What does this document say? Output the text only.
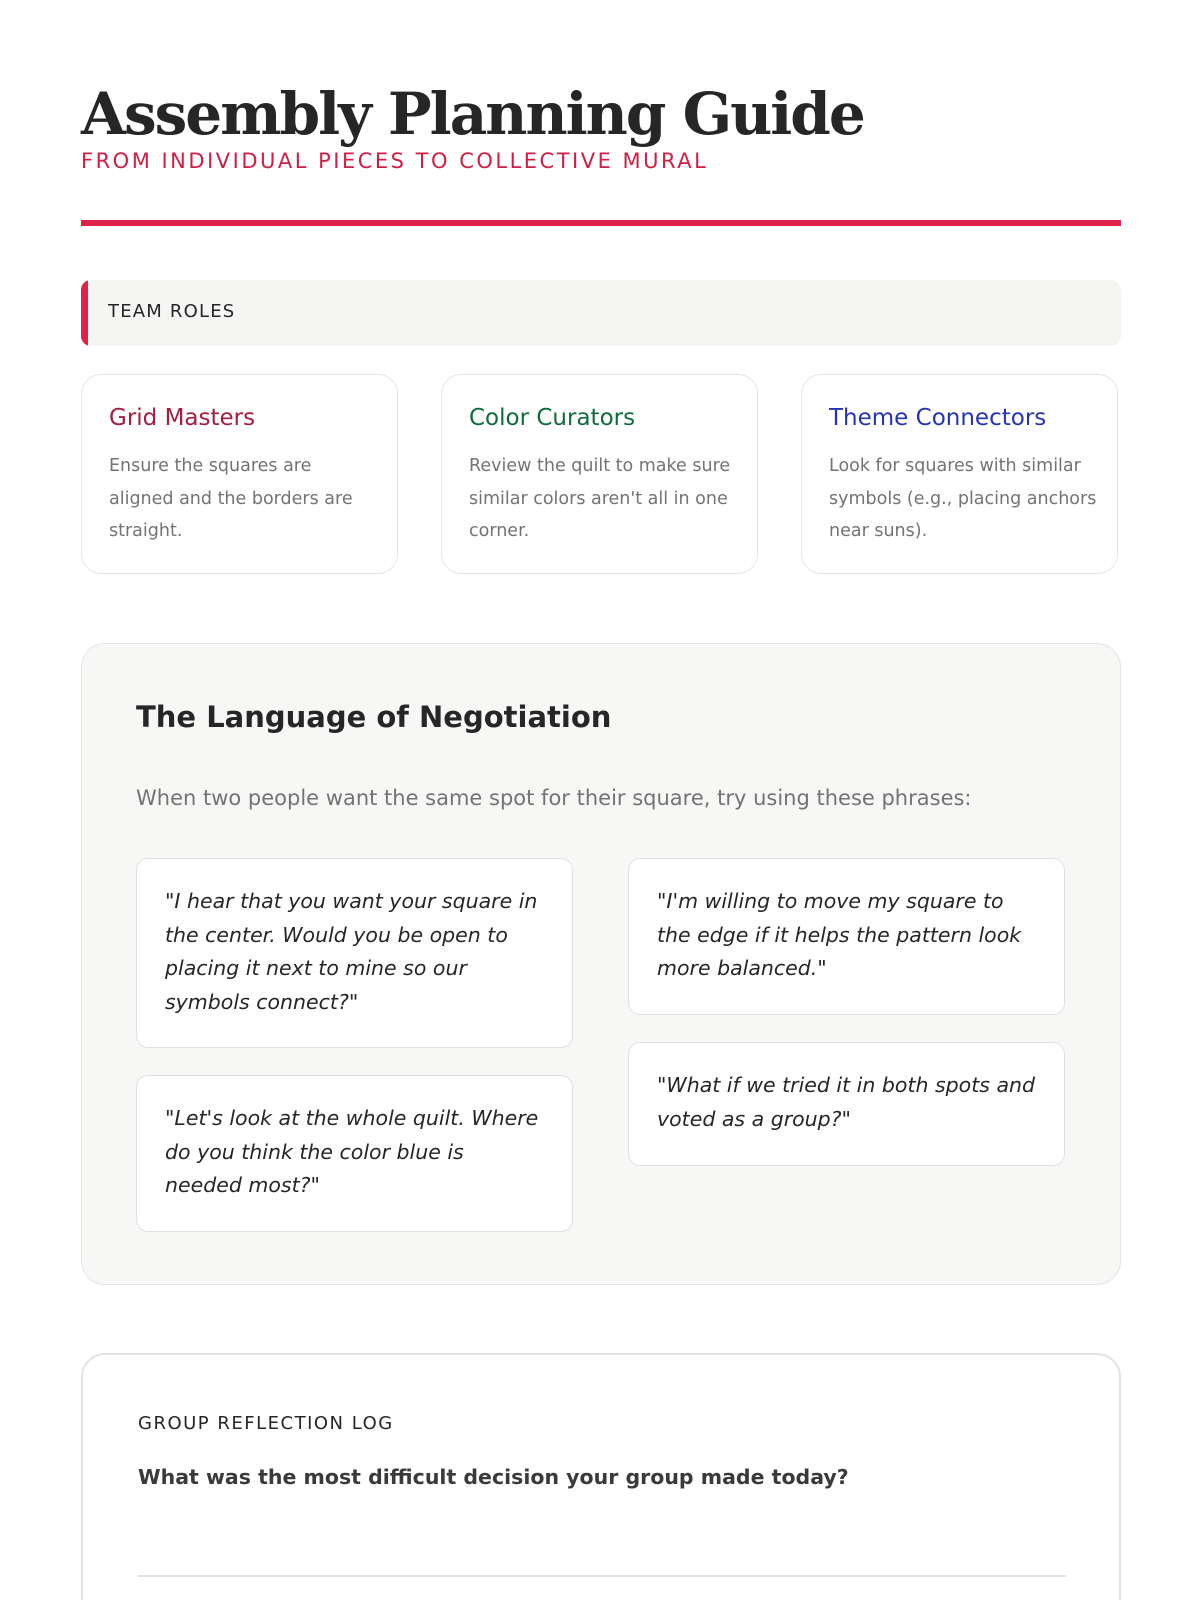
Assembly Planning Guide
FROM INDIVIDUAL PIECES TO COLLECTIVE MURAL
TEAM ROLES
Grid Masters
Ensure the squares are aligned and the borders are straight.
Color Curators
Review the quilt to make sure similar colors aren't all in one corner.
Theme Connectors
Look for squares with similar symbols (e.g., placing anchors near suns).
The Language of Negotiation
When two people want the same spot for their square, try using these phrases:
"I hear that you want your square in the center. Would you be open to placing it next to mine so our symbols connect?"
"I'm willing to move my square to the edge if it helps the pattern look more balanced."
"Let's look at the whole quilt. Where do you think the color blue is needed most?"
"What if we tried it in both spots and voted as a group?"
GROUP REFLECTION LOG
What was the most difficult decision your group made today?
